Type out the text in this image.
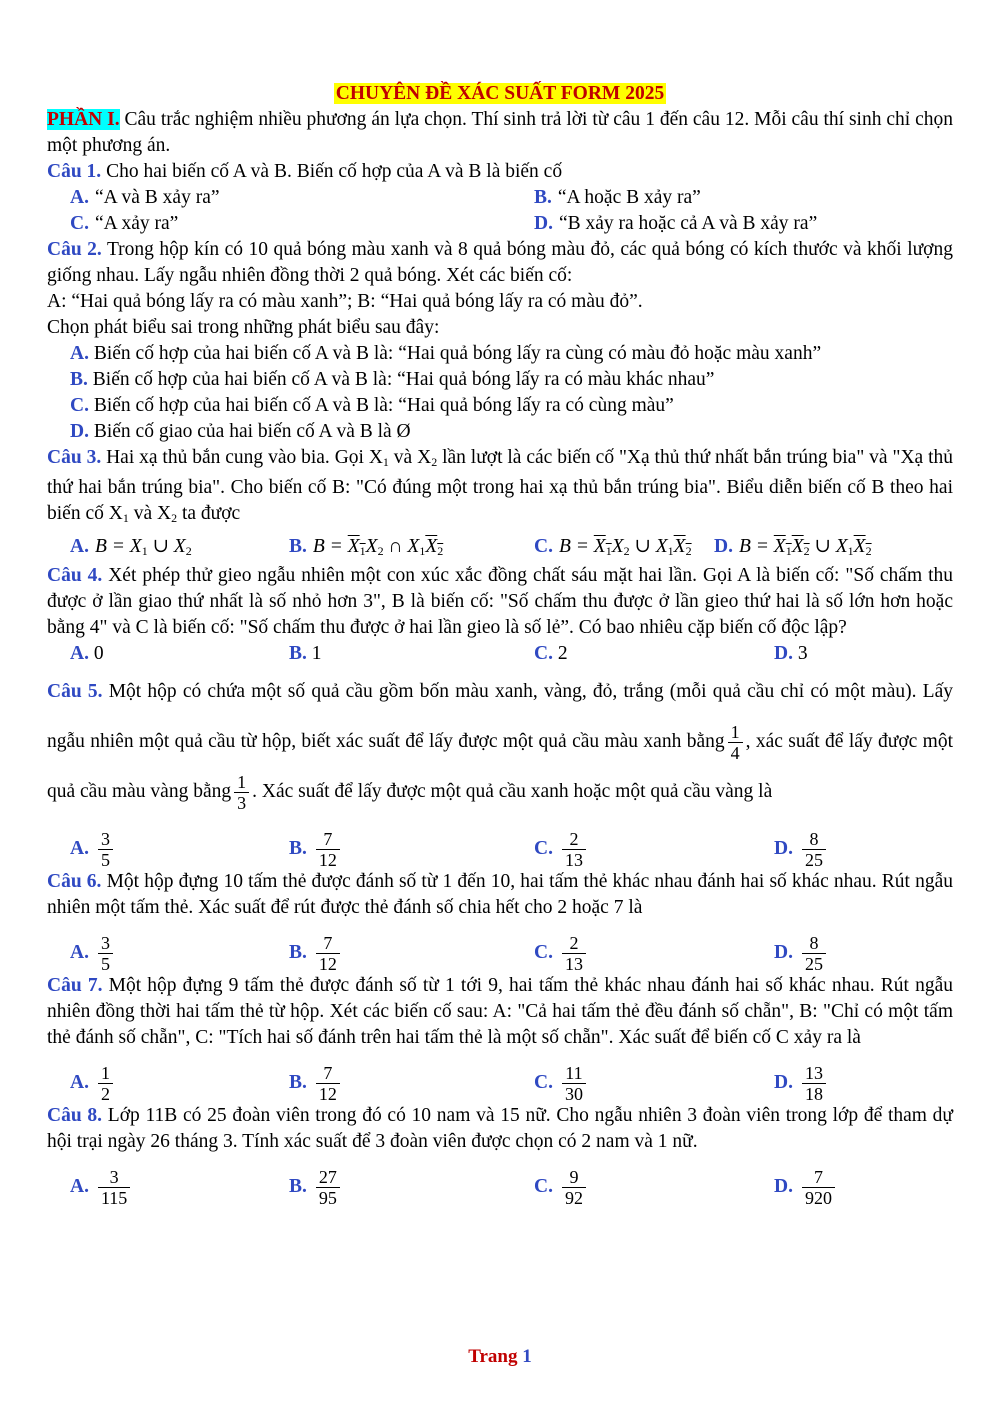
CHUYÊN ĐỀ XÁC SUẤT FORM 2025
PHẦN I. Câu trắc nghiệm nhiều phương án lựa chọn. Thí sinh trả lời từ câu 1 đến câu 12. Mỗi câu thí sinh chỉ chọn một phương án.
Câu 1. Cho hai biến cố A và B. Biến cố hợp của A và B là biến cố
A. “A và B xảy ra”	B. “A hoặc B xảy ra”
C. “A xảy ra”	D. “B xảy ra hoặc cả A và B xảy ra”
Câu 2. Trong hộp kín có 10 quả bóng màu xanh và 8 quả bóng màu đỏ, các quả bóng có kích thước và khối lượng giống nhau. Lấy ngẫu nhiên đồng thời 2 quả bóng. Xét các biến cố:
A: “Hai quả bóng lấy ra có màu xanh”; B: “Hai quả bóng lấy ra có màu đỏ”.
Chọn phát biểu sai trong những phát biểu sau đây:
A. Biến cố hợp của hai biến cố A và B là: “Hai quả bóng lấy ra cùng có màu đỏ hoặc màu xanh”
B. Biến cố hợp của hai biến cố A và B là: “Hai quả bóng lấy ra có màu khác nhau”
C. Biến cố hợp của hai biến cố A và B là: “Hai quả bóng lấy ra có cùng màu”
D. Biến cố giao của hai biến cố A và B là Ø
Câu 3. Hai xạ thủ bắn cung vào bia. Gọi $X_1$ và $X_2$ lần lượt là các biến cố "Xạ thủ thứ nhất bắn trúng bia" và "Xạ thủ thứ hai bắn trúng bia". Cho biến cố B: "Có đúng một trong hai xạ thủ bắn trúng bia". Biểu diễn biến cố B theo hai biến cố $X_1$ và $X_2$ ta được
A. $B = X_1$ ∪ $X_2$	B. $B = X_1X_2$ ∩ $X_1X_2$	C. $B = X_1X_2$ ∪ $X_1X_2$ D. $B = X_1X_2$ ∪ $X_1X_2$
Câu 4. Xét phép thử gieo ngẫu nhiên một con xúc xắc đồng chất sáu mặt hai lần. Gọi A là biến cố: "Số chấm thu được ở lần giao thứ nhất là số nhỏ hơn 3", B là biến cố: "Số chấm thu được ở lần gieo thứ hai là số lớn hơn hoặc bằng 4" và C là biến cố: "Số chấm thu được ở hai lần gieo là số lẻ”. Có bao nhiêu cặp biến cố độc lập?
A. 0	B. 1	C. 2	D. 3
Câu 5. Một hộp có chứa một số quả cầu gồm bốn màu xanh, vàng, đỏ, trắng (mỗi quả cầu chỉ có một màu). Lấy ngẫu nhiên một quả cầu từ hộp, biết xác suất để lấy được một quả cầu màu xanh bằng $\frac{1}{4}$ , xác suất để lấy được một quả cầu màu vàng bằng $\frac{1}{3}$ . Xác suất để lấy được một quả cầu xanh hoặc một quả cầu vàng là
A. $\frac{3}{5}$	B. $\frac{7}{12}$	C. $\frac{2}{13}$	D. $\frac{8}{25}$
Câu 6. Một hộp đựng 10 tấm thẻ được đánh số từ 1 đến 10, hai tấm thẻ khác nhau đánh hai số khác nhau. Rút ngẫu nhiên một tấm thẻ. Xác suất để rút được thẻ đánh số chia hết cho 2 hoặc 7 là
A. $\frac{3}{5}$	B. $\frac{7}{12}$	C. $\frac{2}{13}$	D. $\frac{8}{25}$
Câu 7. Một hộp đựng 9 tấm thẻ được đánh số từ 1 tới 9, hai tấm thẻ khác nhau đánh hai số khác nhau. Rút ngẫu nhiên đồng thời hai tấm thẻ từ hộp. Xét các biến cố sau: A: "Cả hai tấm thẻ đều đánh số chẵn", B: "Chỉ có một tấm thẻ đánh số chẵn", C: "Tích hai số đánh trên hai tấm thẻ là một số chẵn". Xác suất để biến cố C xảy ra là
A. $\frac{1}{2}$	B. $\frac{7}{12}$	C. $\frac{11}{30}$	D. $\frac{13}{18}$
Câu 8. Lớp 11B có 25 đoàn viên trong đó có 10 nam và 15 nữ. Cho ngẫu nhiên 3 đoàn viên trong lớp để tham dự hội trại ngày 26 tháng 3. Tính xác suất để 3 đoàn viên được chọn có 2 nam và 1 nữ.
A. $\frac{3}{115}$	B. $\frac{27}{95}$	C. $\frac{9}{92}$	D. $\frac{7}{920}$
Trang 1
